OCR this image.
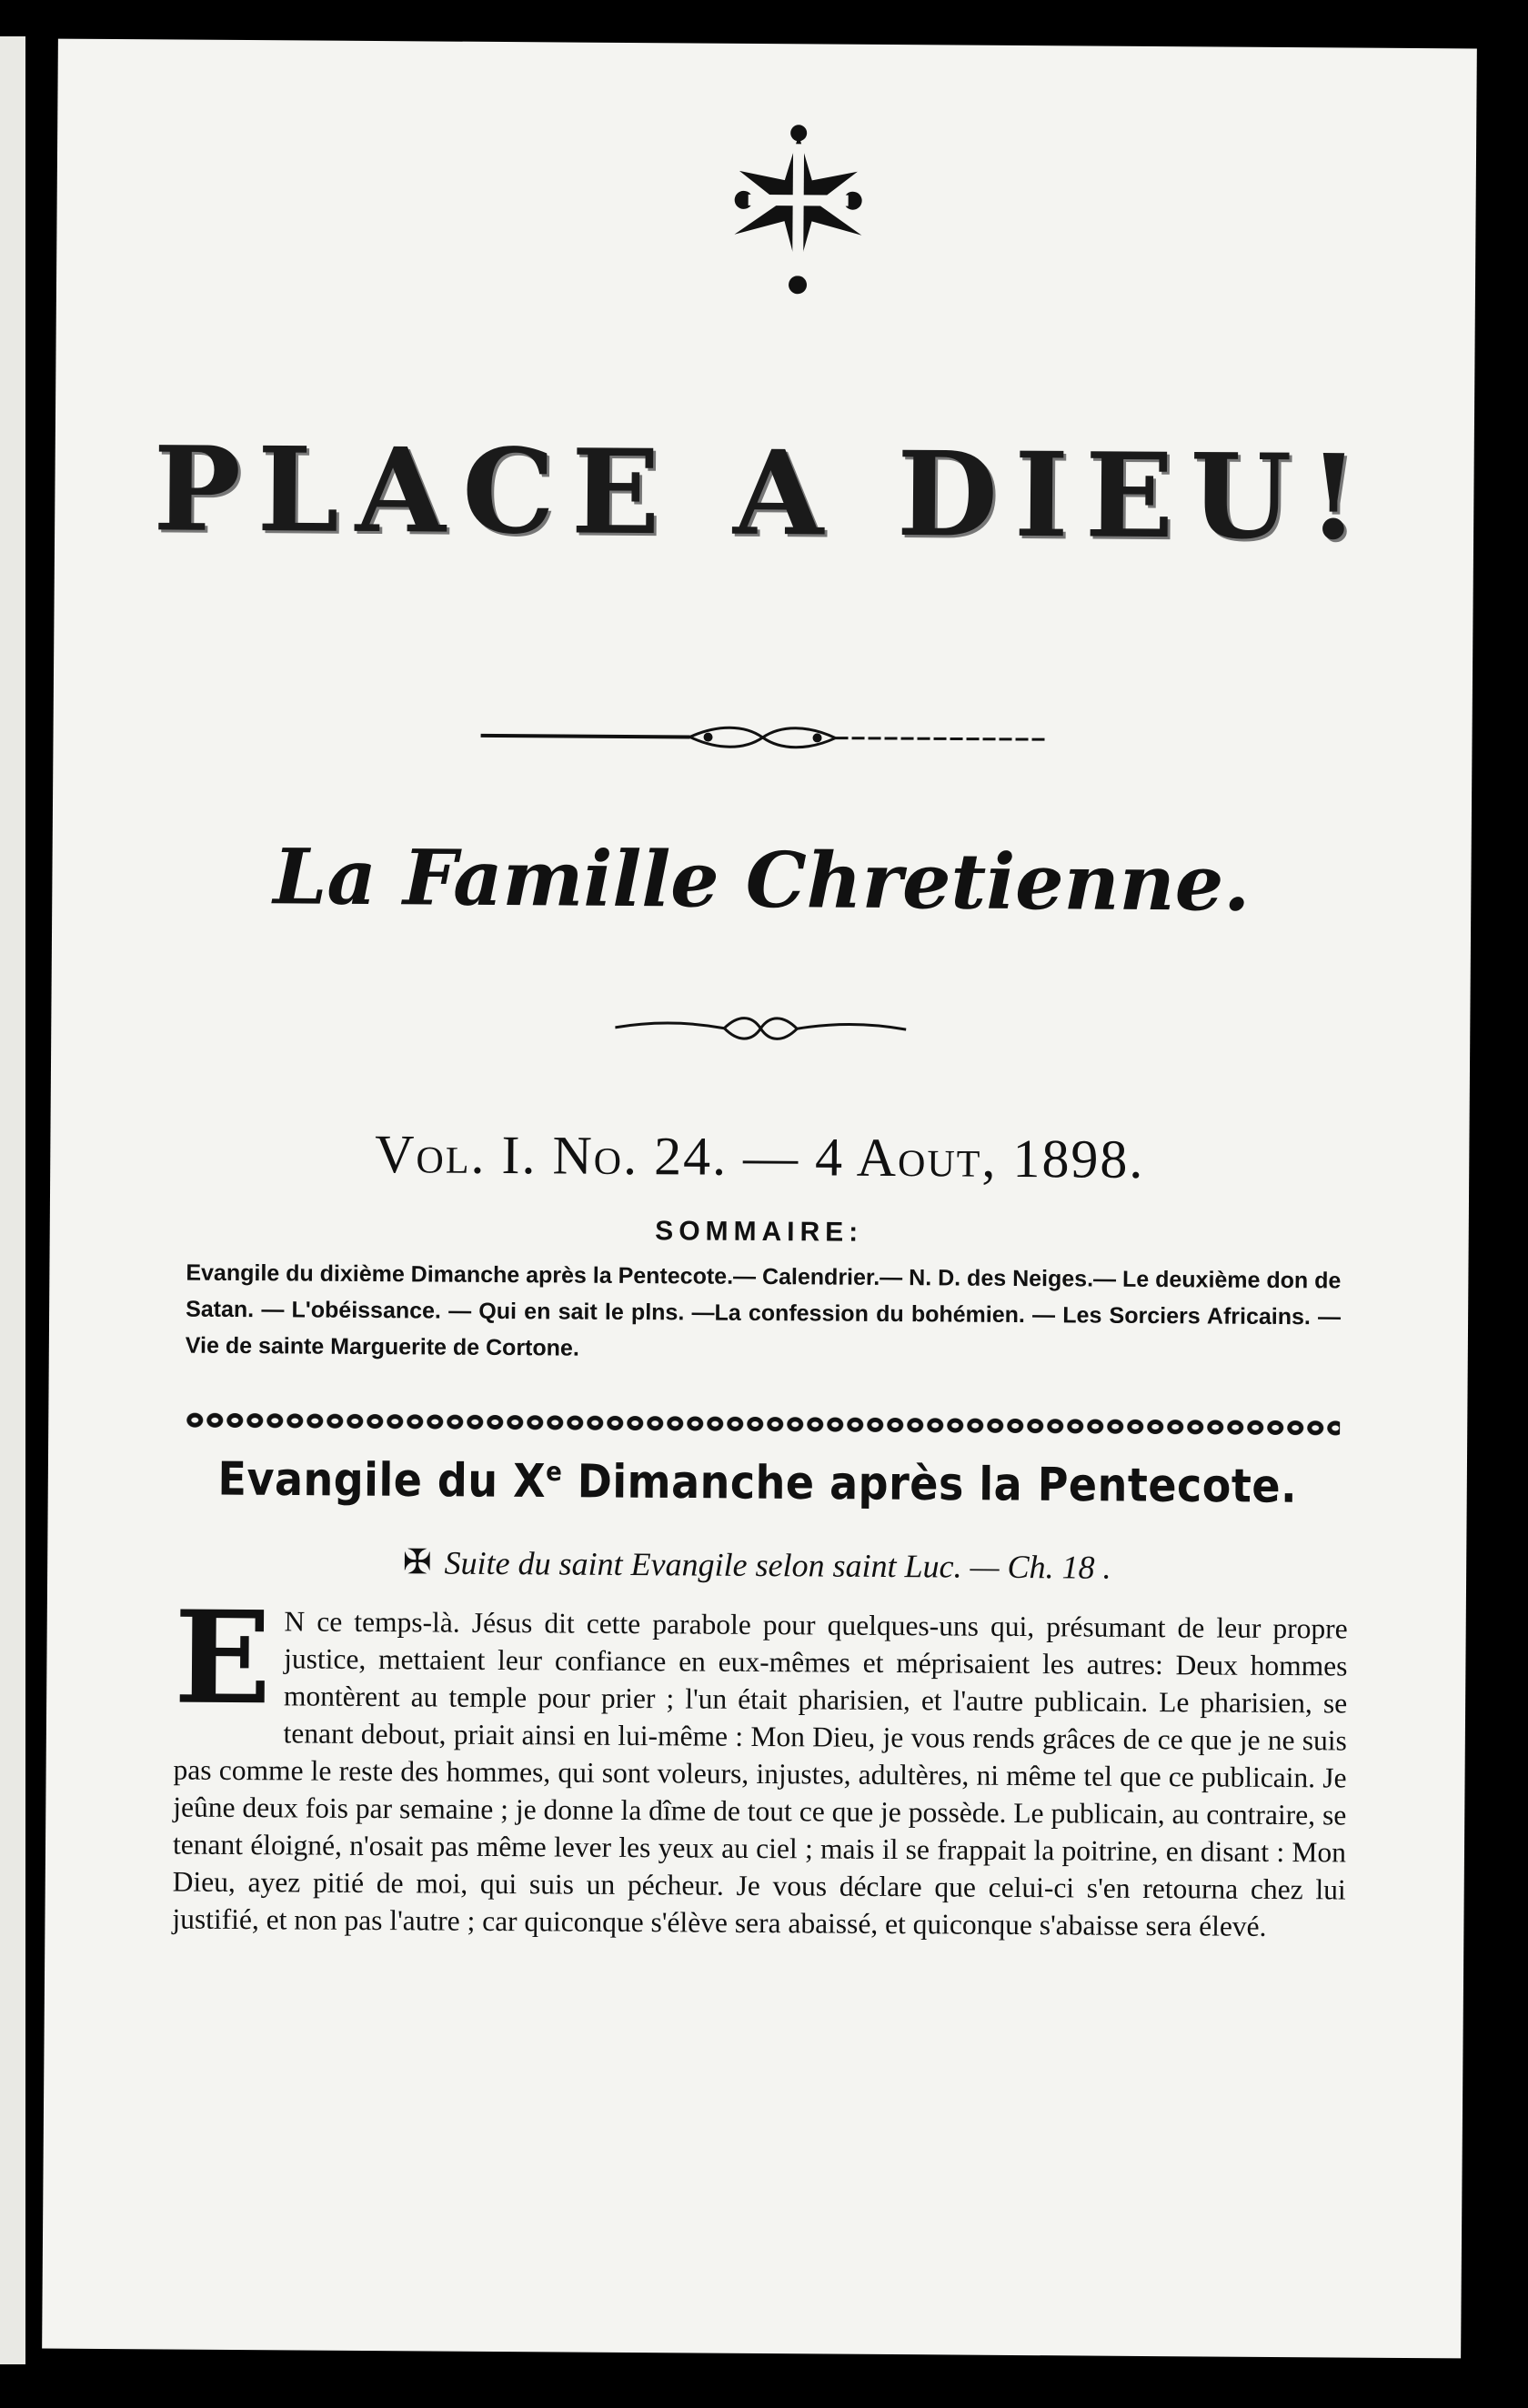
PLACE A DIEU!
La Famille Chretienne.
Vol. I. No. 24. — 4 Aout, 1898.
SOMMAIRE:
Evangile du dixième Dimanche après la Pentecote.— Calendrier.— N. D. des Neiges.— Le deuxième don de Satan. — L'obéissance. — Qui en sait le plns. —La confession du bohémien. — Les Sorciers Africains. — Vie de sainte Marguerite de Cortone.
Evangile du Xe Dimanche après la Pentecote.
✠ Suite du saint Evangile selon saint Luc. — Ch. 18 .
E N ce temps-là. Jésus dit cette parabole pour quelques-uns qui, présumant de leur propre justice, mettaient leur confiance en eux-mêmes et méprisaient les autres: Deux hommes montèrent au temple pour prier ; l'un était pharisien, et l'autre publicain. Le pharisien, se tenant debout, priait ainsi en lui-même : Mon Dieu, je vous rends grâces de ce que je ne suis pas comme le reste des hommes, qui sont voleurs, injustes, adultères, ni même tel que ce publicain. Je jeûne deux fois par semaine ; je donne la dîme de tout ce que je possède. Le publicain, au contraire, se tenant éloigné, n'osait pas même lever les yeux au ciel ; mais il se frappait la poitrine, en disant : Mon Dieu, ayez pitié de moi, qui suis un pécheur. Je vous déclare que celui-ci s'en retourna chez lui justifié, et non pas l'autre ; car quiconque s'élève sera abaissé, et quiconque s'abaisse sera élevé.
